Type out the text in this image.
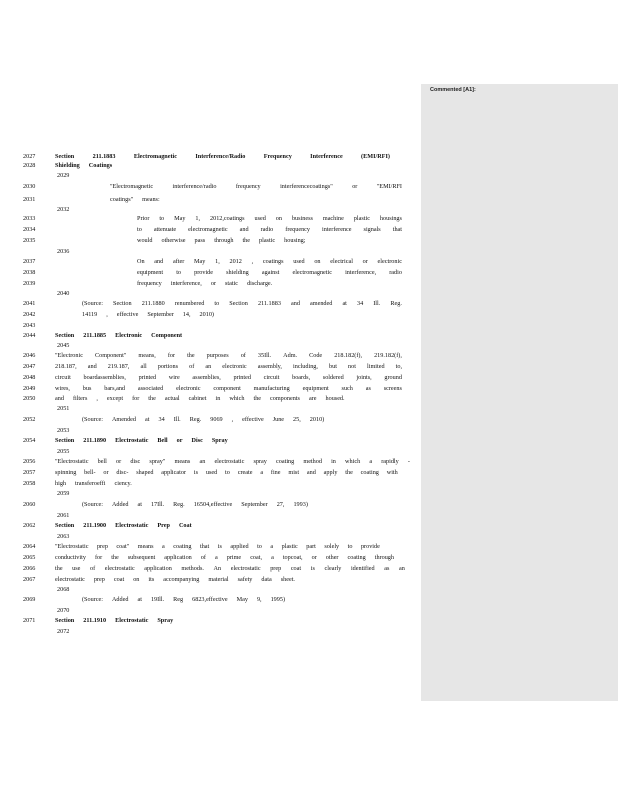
2027	Section	211.1883	Electromagnetic	Interference/Radio	Frequency	Interference	(EMI/RFI)
2028	Shielding Coatings
2029
2030	"Electromagnetic	interference/radio	frequency	interferencecoatings"	or	"EMI/RFI
2031	coatings" means:
2032
2033	Prior to May 1, 2012,coatings used on business machine plastic housings
2034	to attenuate electromagnetic and radio frequency interference signals that
2035	would otherwise pass through the plastic housing;
2036
2037	On and after May 1, 2012 , coatings used on electrical or electronic
2038	equipment to provide shielding against electromagnetic interference, radio
2039	frequency interference, or static discharge.
2040
2041	(Source: Section 211.1880 renumbered to Section 211.1883 and amended at 34 Ill. Reg.
2042	14119 , effective September 14, 2010)
2043
2044	Section 211.1885 Electronic Component
2045
2046	"Electronic Component" means, for the purposes of 35Ill. Adm. Code 218.182(f), 219.182(f),
2047	218.187, and 219.187, all portions of an electronic assembly, including, but not limited to,
2048	circuit boardassemblies, printed wire assemblies, printed circuit boards, soldered joints, ground
2049	wires, bus bars,and associated electronic component manufacturing equipment such as screens
2050	and filters , except for the actual cabinet in which the components are housed.
2051
2052	(Source: Amended at 34 Ill. Reg. 9069 , effective June 25, 2010)
2053
2054	Section 211.1890 Electrostatic Bell or Disc Spray
2055
2056	"Electrostatic bell or disc spray" means an electrostatic spray coating method in which a rapidly -
2057	spinning bell- or disc- shaped applicator is used to create a fine mist and apply the coating with
2058	high transferoeffi ciency.
2059
2060	(Source: Added at 17Ill. Reg. 16504,effective September 27, 1993)
2061
2062	Section 211.1900 Electrostatic Prep Coat
2063
2064	"Electrostatic prep coat" means a coating that is applied to a plastic part solely to provide
2065	conductivity for the subsequent application of a prime coat, a topcoat, or other coating through
2066	the use of electrostatic application methods. An electrostatic prep coat is clearly identified as an
2067	electrostatic prep coat on its accompanying material safety data sheet.
2068
2069	(Source: Added at 19Ill. Reg 6823,effective May 9, 1995)
2070
2071	Section 211.1910 Electrostatic Spray
2072
Commented [A1]:
